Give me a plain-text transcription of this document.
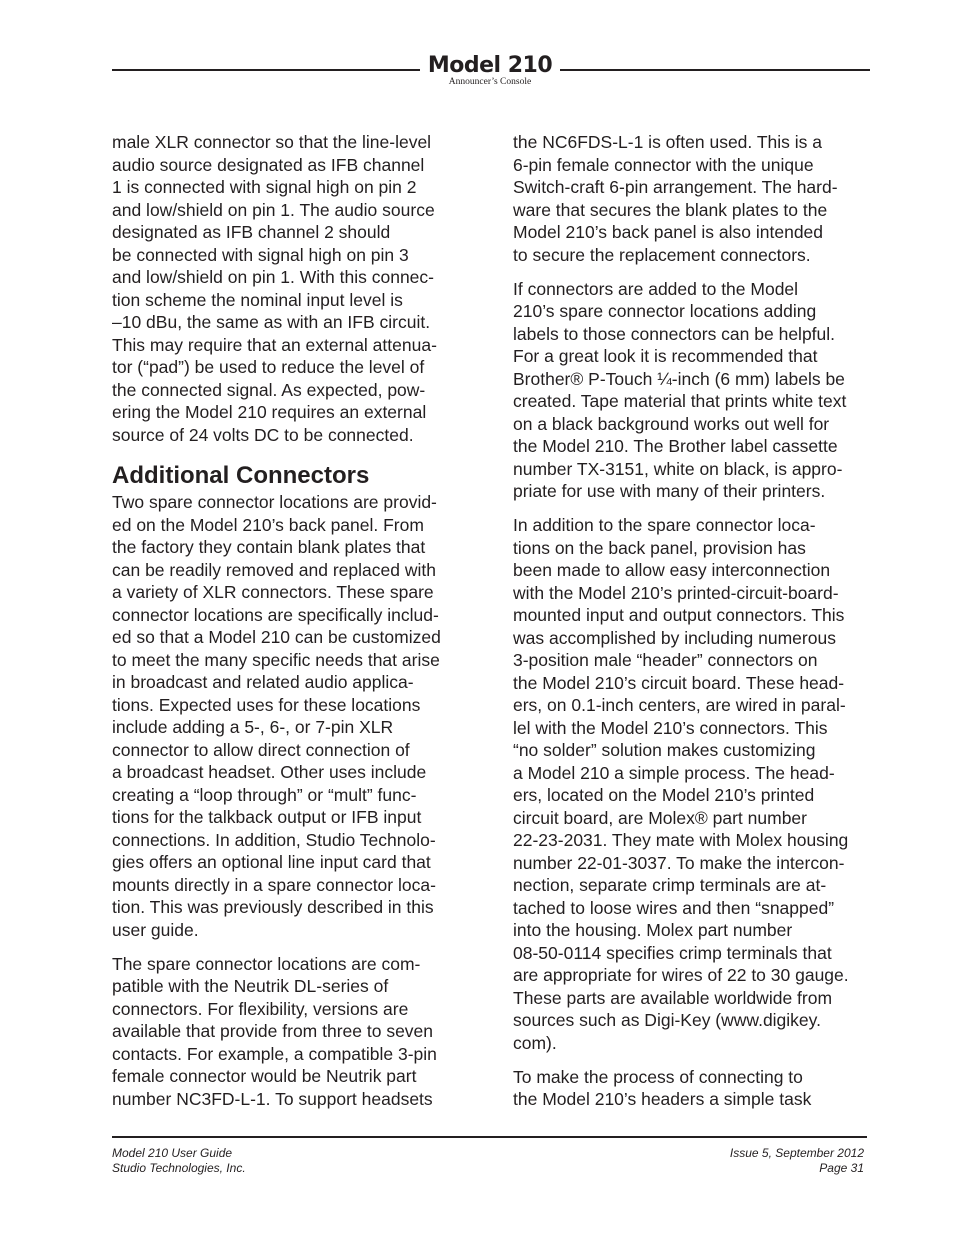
Model 210
Announcer’s Console

male XLR connector so that the line-level
audio source designated as IFB channel
1 is connected with signal high on pin 2
and low/shield on pin 1. The audio source
designated as IFB channel 2 should
be connected with signal high on pin 3
and low/shield on pin 1. With this connec-
tion scheme the nominal input level is
–10 dBu, the same as with an IFB circuit.
This may require that an external attenua-
tor (“pad”) be used to reduce the level of
the connected signal. As expected, pow-
ering the Model 210 requires an external
source of 24 volts DC to be connected.

Additional Connectors

Two spare connector locations are provid-
ed on the Model 210’s back panel. From
the factory they contain blank plates that
can be readily removed and replaced with
a variety of XLR connectors. These spare
connector locations are specifically includ-
ed so that a Model 210 can be customized
to meet the many specific needs that arise
in broadcast and related audio applica-
tions. Expected uses for these locations
include adding a 5-, 6-, or 7-pin XLR
connector to allow direct connection of
a broadcast headset. Other uses include
creating a “loop through” or “mult” func-
tions for the talkback output or IFB input
connections. In addition, Studio Technolo-
gies offers an optional line input card that
mounts directly in a spare connector loca-
tion. This was previously described in this
user guide.

The spare connector locations are com-
patible with the Neutrik DL-series of
connectors. For flexibility, versions are
available that provide from three to seven
contacts. For example, a compatible 3-pin
female connector would be Neutrik part
number NC3FD-L-1. To support headsets

the NC6FDS-L-1 is often used. This is a
6-pin female connector with the unique
Switch-craft 6-pin arrangement. The hard-
ware that secures the blank plates to the
Model 210’s back panel is also intended
to secure the replacement connectors.

If connectors are added to the Model
210’s spare connector locations adding
labels to those connectors can be helpful.
For a great look it is recommended that
Brother® P-Touch ¼-inch (6 mm) labels be
created. Tape material that prints white text
on a black background works out well for
the Model 210. The Brother label cassette
number TX-3151, white on black, is appro-
priate for use with many of their printers.

In addition to the spare connector loca-
tions on the back panel, provision has
been made to allow easy interconnection
with the Model 210’s printed-circuit-board-
mounted input and output connectors. This
was accomplished by including numerous
3-position male “header” connectors on
the Model 210’s circuit board. These head-
ers, on 0.1-inch centers, are wired in paral-
lel with the Model 210’s connectors. This
“no solder” solution makes customizing
a Model 210 a simple process. The head-
ers, located on the Model 210’s printed
circuit board, are Molex® part number
22-23-2031. They mate with Molex housing
number 22-01-3037. To make the intercon-
nection, separate crimp terminals are at-
tached to loose wires and then “snapped”
into the housing. Molex part number
08-50-0114 specifies crimp terminals that
are appropriate for wires of 22 to 30 gauge.
These parts are available worldwide from
sources such as Digi-Key (www.digikey.
com).

To make the process of connecting to
the Model 210’s headers a simple task

Model 210 User Guide
Studio Technologies, Inc.
Issue 5, September 2012
Page 31
